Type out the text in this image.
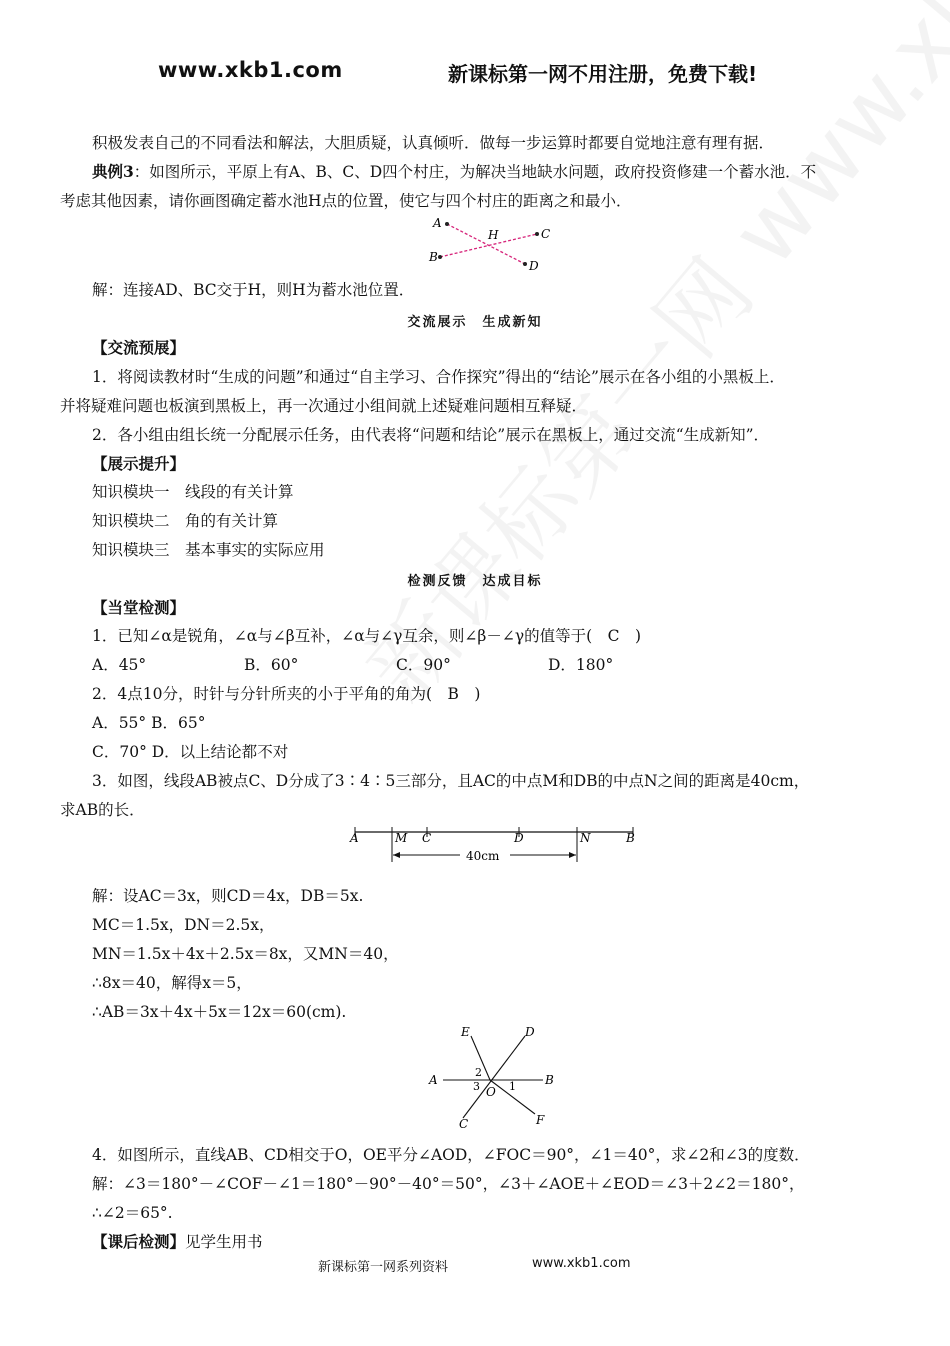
www.xkb1.com	新课标第一网不用注册，免费下载!
积极发表自己的不同看法和解法，大胆质疑，认真倾听．做每一步运算时都要自觉地注意有理有据．
典例3：如图所示，平原上有A、B、C、D四个村庄，为解决当地缺水问题，政府投资修建一个蓄水池．不
考虑其他因素，请你画图确定蓄水池H点的位置，使它与四个村庄的距离之和最小．
A
B
C
D
H
解：连接AD、BC交于H，则H为蓄水池位置．
交流展示　生成新知
【交流预展】
1．将阅读教材时“生成的问题”和通过“自主学习、合作探究”得出的“结论”展示在各小组的小黑板上．
并将疑难问题也板演到黑板上，再一次通过小组间就上述疑难问题相互释疑．
2．各小组由组长统一分配展示任务，由代表将“问题和结论”展示在黑板上，通过交流“生成新知”．
【展示提升】
知识模块一　线段的有关计算
知识模块二　角的有关计算
知识模块三　基本事实的实际应用
检测反馈　达成目标
【当堂检测】
1．已知∠α是锐角，∠α与∠β互补，∠α与∠γ互余，则∠β－∠γ的值等于(　C　)
A．45°	B．60°	C．90°	D．180°
2．4点10分，时针与分针所夹的小于平角的角为(　B　)
A．55° B．65°
C．70° D．以上结论都不对
3．如图，线段AB被点C、D分成了3∶4∶5三部分，且AC的中点M和DB的中点N之间的距离是40cm，
求AB的长．
A	M C	D	N	B
40cm
解：设AC＝3x，则CD＝4x，DB＝5x.
MC＝1.5x，DN＝2.5x，
MN＝1.5x＋4x＋2.5x＝8x，又MN＝40，
∴8x＝40，解得x＝5，
∴AB＝3x＋4x＋5x＝12x＝60(cm).
E	D
A	B
C	F
O 1
2
3
4．如图所示，直线AB、CD相交于O，OE平分∠AOD，∠FOC＝90°，∠1＝40°，求∠2和∠3的度数．
解：∠3＝180°－∠COF－∠1＝180°－90°－40°＝50°，∠3＋∠AOE＋∠EOD＝∠3＋2∠2＝180°，
∴∠2＝65°.
【课后检测】见学生用书
新课标第一网系列资料	www.xkb1.com
